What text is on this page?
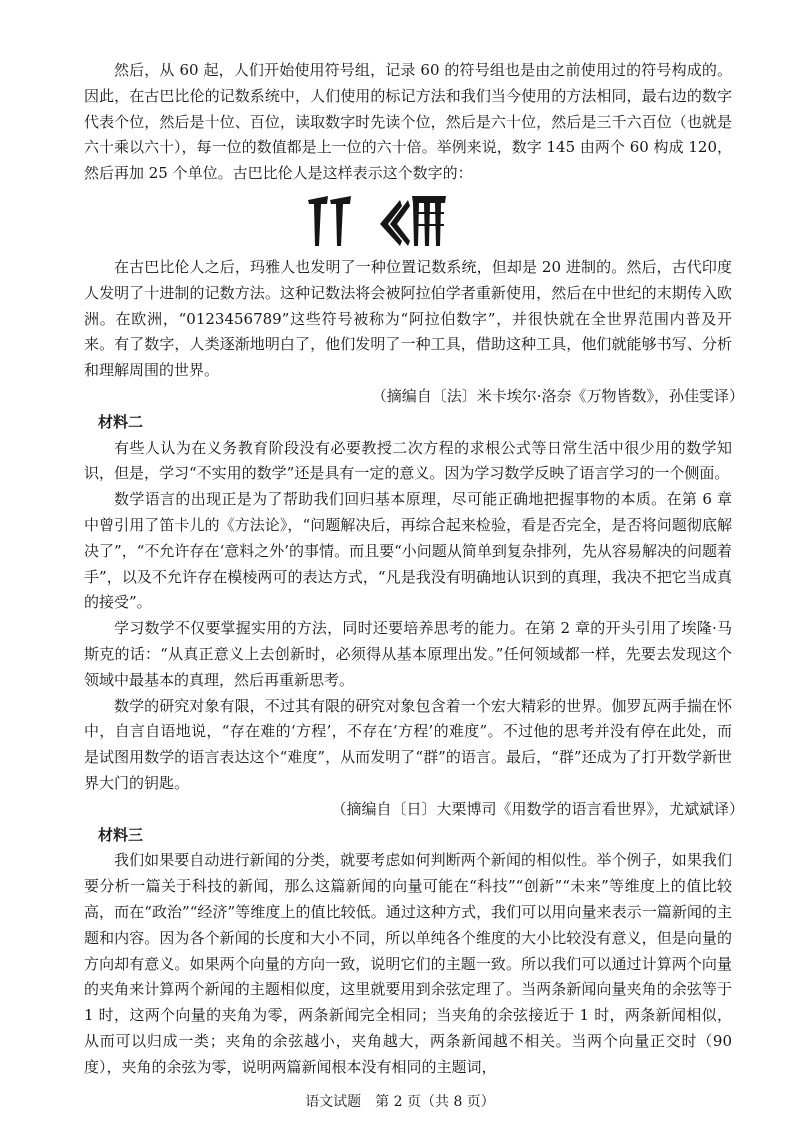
然后，从 60 起，人们开始使用符号组，记录 60 的符号组也是由之前使用过的符号构成的。因此，在古巴比伦的记数系统中，人们使用的标记方法和我们当今使用的方法相同，最右边的数字代表个位，然后是十位、百位，读取数字时先读个位，然后是六十位，然后是三千六百位（也就是六十乘以六十），每一位的数值都是上一位的六十倍。举例来说，数字 145 由两个 60 构成 120，然后再加 25 个单位。古巴比伦人是这样表示这个数字的：

在古巴比伦人之后，玛雅人也发明了一种位置记数系统，但却是 20 进制的。然后，古代印度人发明了十进制的记数方法。这种记数法将会被阿拉伯学者重新使用，然后在中世纪的末期传入欧洲。在欧洲，“0123456789”这些符号被称为“阿拉伯数字”，并很快就在全世界范围内普及开来。有了数字，人类逐渐地明白了，他们发明了一种工具，借助这种工具，他们就能够书写、分析和理解周围的世界。

（摘编自〔法〕米卡埃尔·洛奈《万物皆数》，孙佳雯译）

材料二

有些人认为在义务教育阶段没有必要教授二次方程的求根公式等日常生活中很少用的数学知识，但是，学习“不实用的数学”还是具有一定的意义。因为学习数学反映了语言学习的一个侧面。

数学语言的出现正是为了帮助我们回归基本原理，尽可能正确地把握事物的本质。在第 6 章中曾引用了笛卡儿的《方法论》，“问题解决后，再综合起来检验，看是否完全，是否将问题彻底解决了”，“不允许存在‘意料之外’的事情。而且要“小问题从简单到复杂排列，先从容易解决的问题着手”，以及不允许存在模棱两可的表达方式，“凡是我没有明确地认识到的真理，我决不把它当成真的接受”。

学习数学不仅要掌握实用的方法，同时还要培养思考的能力。在第 2 章的开头引用了埃隆·马斯克的话：“从真正意义上去创新时，必须得从基本原理出发。”任何领域都一样，先要去发现这个领域中最基本的真理，然后再重新思考。

数学的研究对象有限，不过其有限的研究对象包含着一个宏大精彩的世界。伽罗瓦两手揣在怀中，自言自语地说，“存在难的‘方程’，不存在‘方程’的难度”。不过他的思考并没有停在此处，而是试图用数学的语言表达这个“难度”，从而发明了“群”的语言。最后，“群”还成为了打开数学新世界大门的钥匙。

（摘编自〔日〕大栗博司《用数学的语言看世界》，尤斌斌译）

材料三

我们如果要自动进行新闻的分类，就要考虑如何判断两个新闻的相似性。举个例子，如果我们要分析一篇关于科技的新闻，那么这篇新闻的向量可能在“科技”“创新”“未来”等维度上的值比较高，而在“政治”“经济”等维度上的值比较低。通过这种方式，我们可以用向量来表示一篇新闻的主题和内容。因为各个新闻的长度和大小不同，所以单纯各个维度的大小比较没有意义，但是向量的方向却有意义。如果两个向量的方向一致，说明它们的主题一致。所以我们可以通过计算两个向量的夹角来计算两个新闻的主题相似度，这里就要用到余弦定理了。当两条新闻向量夹角的余弦等于 1 时，这两个向量的夹角为零，两条新闻完全相同；当夹角的余弦接近于 1 时，两条新闻相似，从而可以归成一类；夹角的余弦越小，夹角越大，两条新闻越不相关。当两个向量正交时（90 度），夹角的余弦为零，说明两篇新闻根本没有相同的主题词，

语文试题　第 2 页（共 8 页）
